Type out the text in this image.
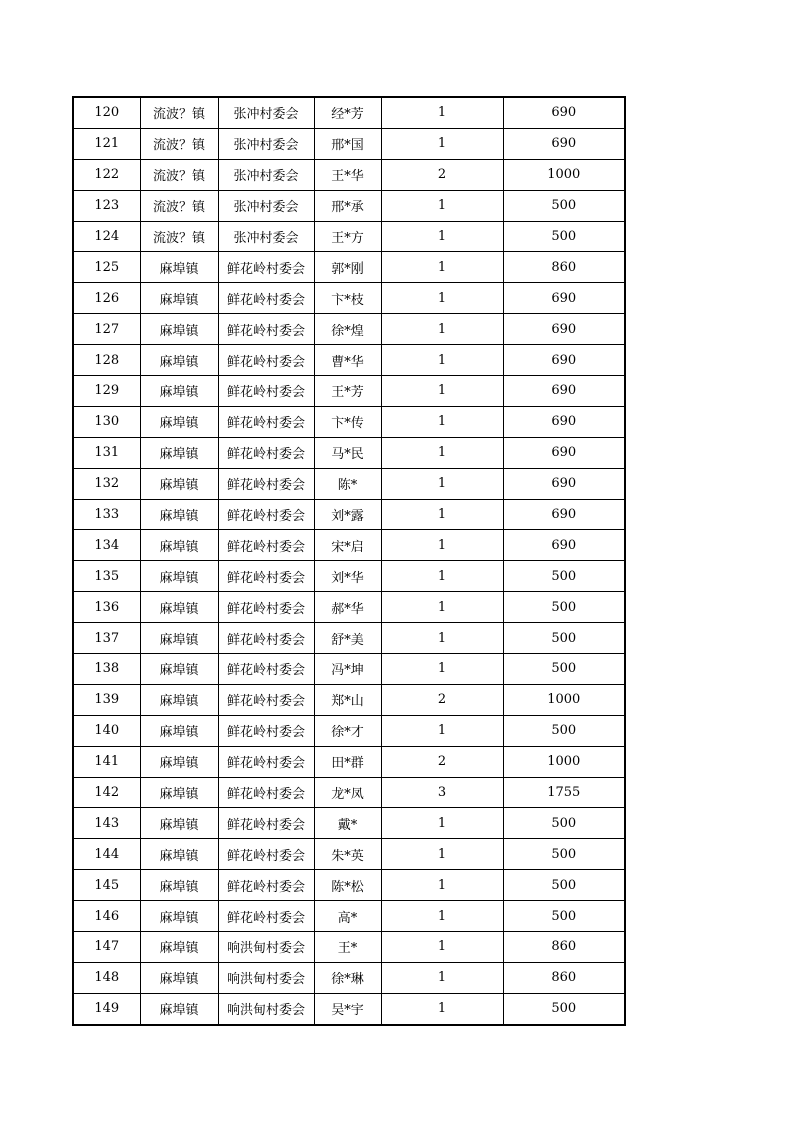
120	流波？镇	张冲村委会	经*芳	1	690
121	流波？镇	张冲村委会	邢*国	1	690
122	流波？镇	张冲村委会	王*华	2	1000
123	流波？镇	张冲村委会	邢*承	1	500
124	流波？镇	张冲村委会	王*方	1	500
125	麻埠镇	鲜花岭村委会	郭*刚	1	860
126	麻埠镇	鲜花岭村委会	卞*枝	1	690
127	麻埠镇	鲜花岭村委会	徐*煌	1	690
128	麻埠镇	鲜花岭村委会	曹*华	1	690
129	麻埠镇	鲜花岭村委会	王*芳	1	690
130	麻埠镇	鲜花岭村委会	卞*传	1	690
131	麻埠镇	鲜花岭村委会	马*民	1	690
132	麻埠镇	鲜花岭村委会	陈*	1	690
133	麻埠镇	鲜花岭村委会	刘*露	1	690
134	麻埠镇	鲜花岭村委会	宋*启	1	690
135	麻埠镇	鲜花岭村委会	刘*华	1	500
136	麻埠镇	鲜花岭村委会	郝*华	1	500
137	麻埠镇	鲜花岭村委会	舒*美	1	500
138	麻埠镇	鲜花岭村委会	冯*坤	1	500
139	麻埠镇	鲜花岭村委会	郑*山	2	1000
140	麻埠镇	鲜花岭村委会	徐*才	1	500
141	麻埠镇	鲜花岭村委会	田*群	2	1000
142	麻埠镇	鲜花岭村委会	龙*凤	3	1755
143	麻埠镇	鲜花岭村委会	戴*	1	500
144	麻埠镇	鲜花岭村委会	朱*英	1	500
145	麻埠镇	鲜花岭村委会	陈*松	1	500
146	麻埠镇	鲜花岭村委会	高*	1	500
147	麻埠镇	响洪甸村委会	王*	1	860
148	麻埠镇	响洪甸村委会	徐*琳	1	860
149	麻埠镇	响洪甸村委会	吴*宇	1	500
